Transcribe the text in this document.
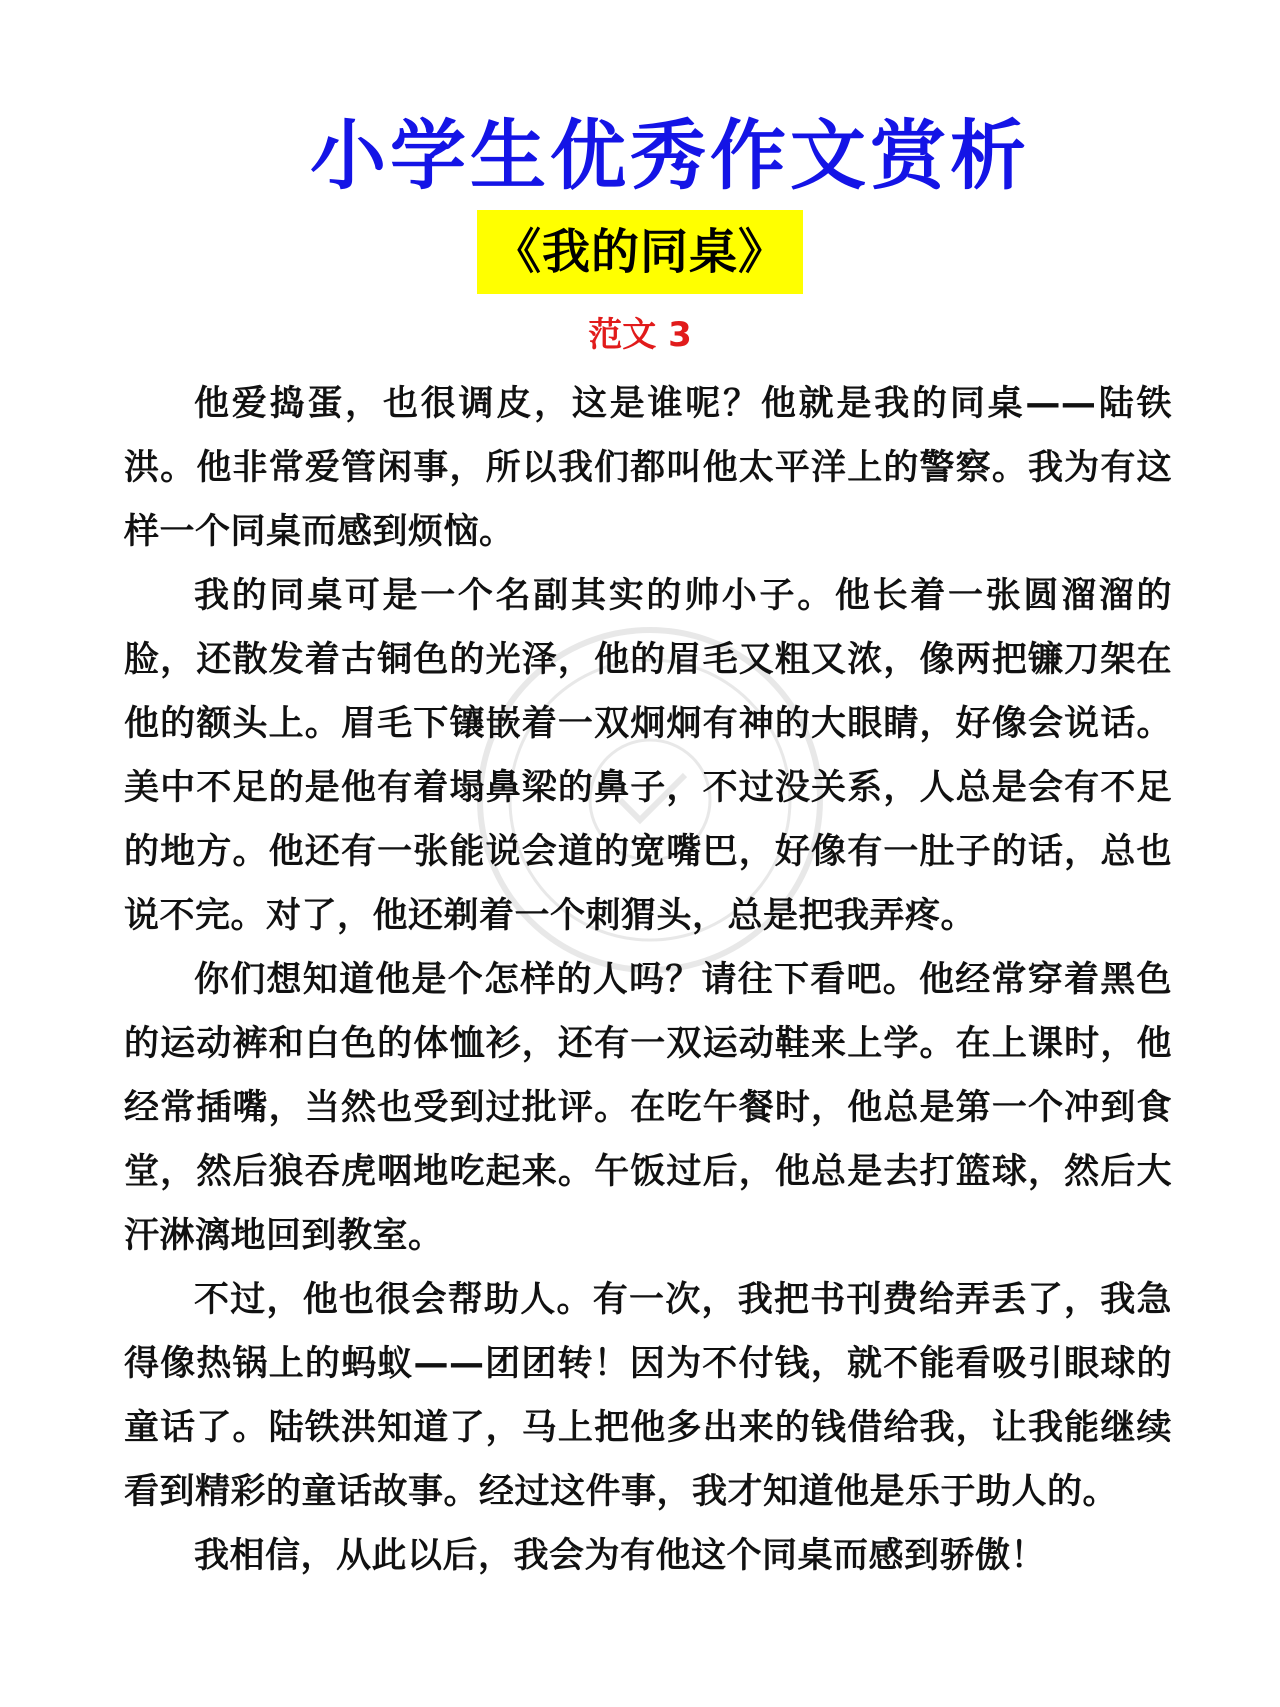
小学生优秀作文赏析
《我的同桌》
范文 3

他爱捣蛋，也很调皮，这是谁呢？他就是我的同桌——陆铁洪。他非常爱管闲事，所以我们都叫他太平洋上的警察。我为有这样一个同桌而感到烦恼。

我的同桌可是一个名副其实的帅小子。他长着一张圆溜溜的脸，还散发着古铜色的光泽，他的眉毛又粗又浓，像两把镰刀架在他的额头上。眉毛下镶嵌着一双炯炯有神的大眼睛，好像会说话。美中不足的是他有着塌鼻梁的鼻子，不过没关系，人总是会有不足的地方。他还有一张能说会道的宽嘴巴，好像有一肚子的话，总也说不完。对了，他还剃着一个刺猬头，总是把我弄疼。

你们想知道他是个怎样的人吗？请往下看吧。他经常穿着黑色的运动裤和白色的体恤衫，还有一双运动鞋来上学。在上课时，他经常插嘴，当然也受到过批评。在吃午餐时，他总是第一个冲到食堂，然后狼吞虎咽地吃起来。午饭过后，他总是去打篮球，然后大汗淋漓地回到教室。

不过，他也很会帮助人。有一次，我把书刊费给弄丢了，我急得像热锅上的蚂蚁——团团转！因为不付钱，就不能看吸引眼球的童话了。陆铁洪知道了，马上把他多出来的钱借给我，让我能继续看到精彩的童话故事。经过这件事，我才知道他是乐于助人的。

我相信，从此以后，我会为有他这个同桌而感到骄傲！
